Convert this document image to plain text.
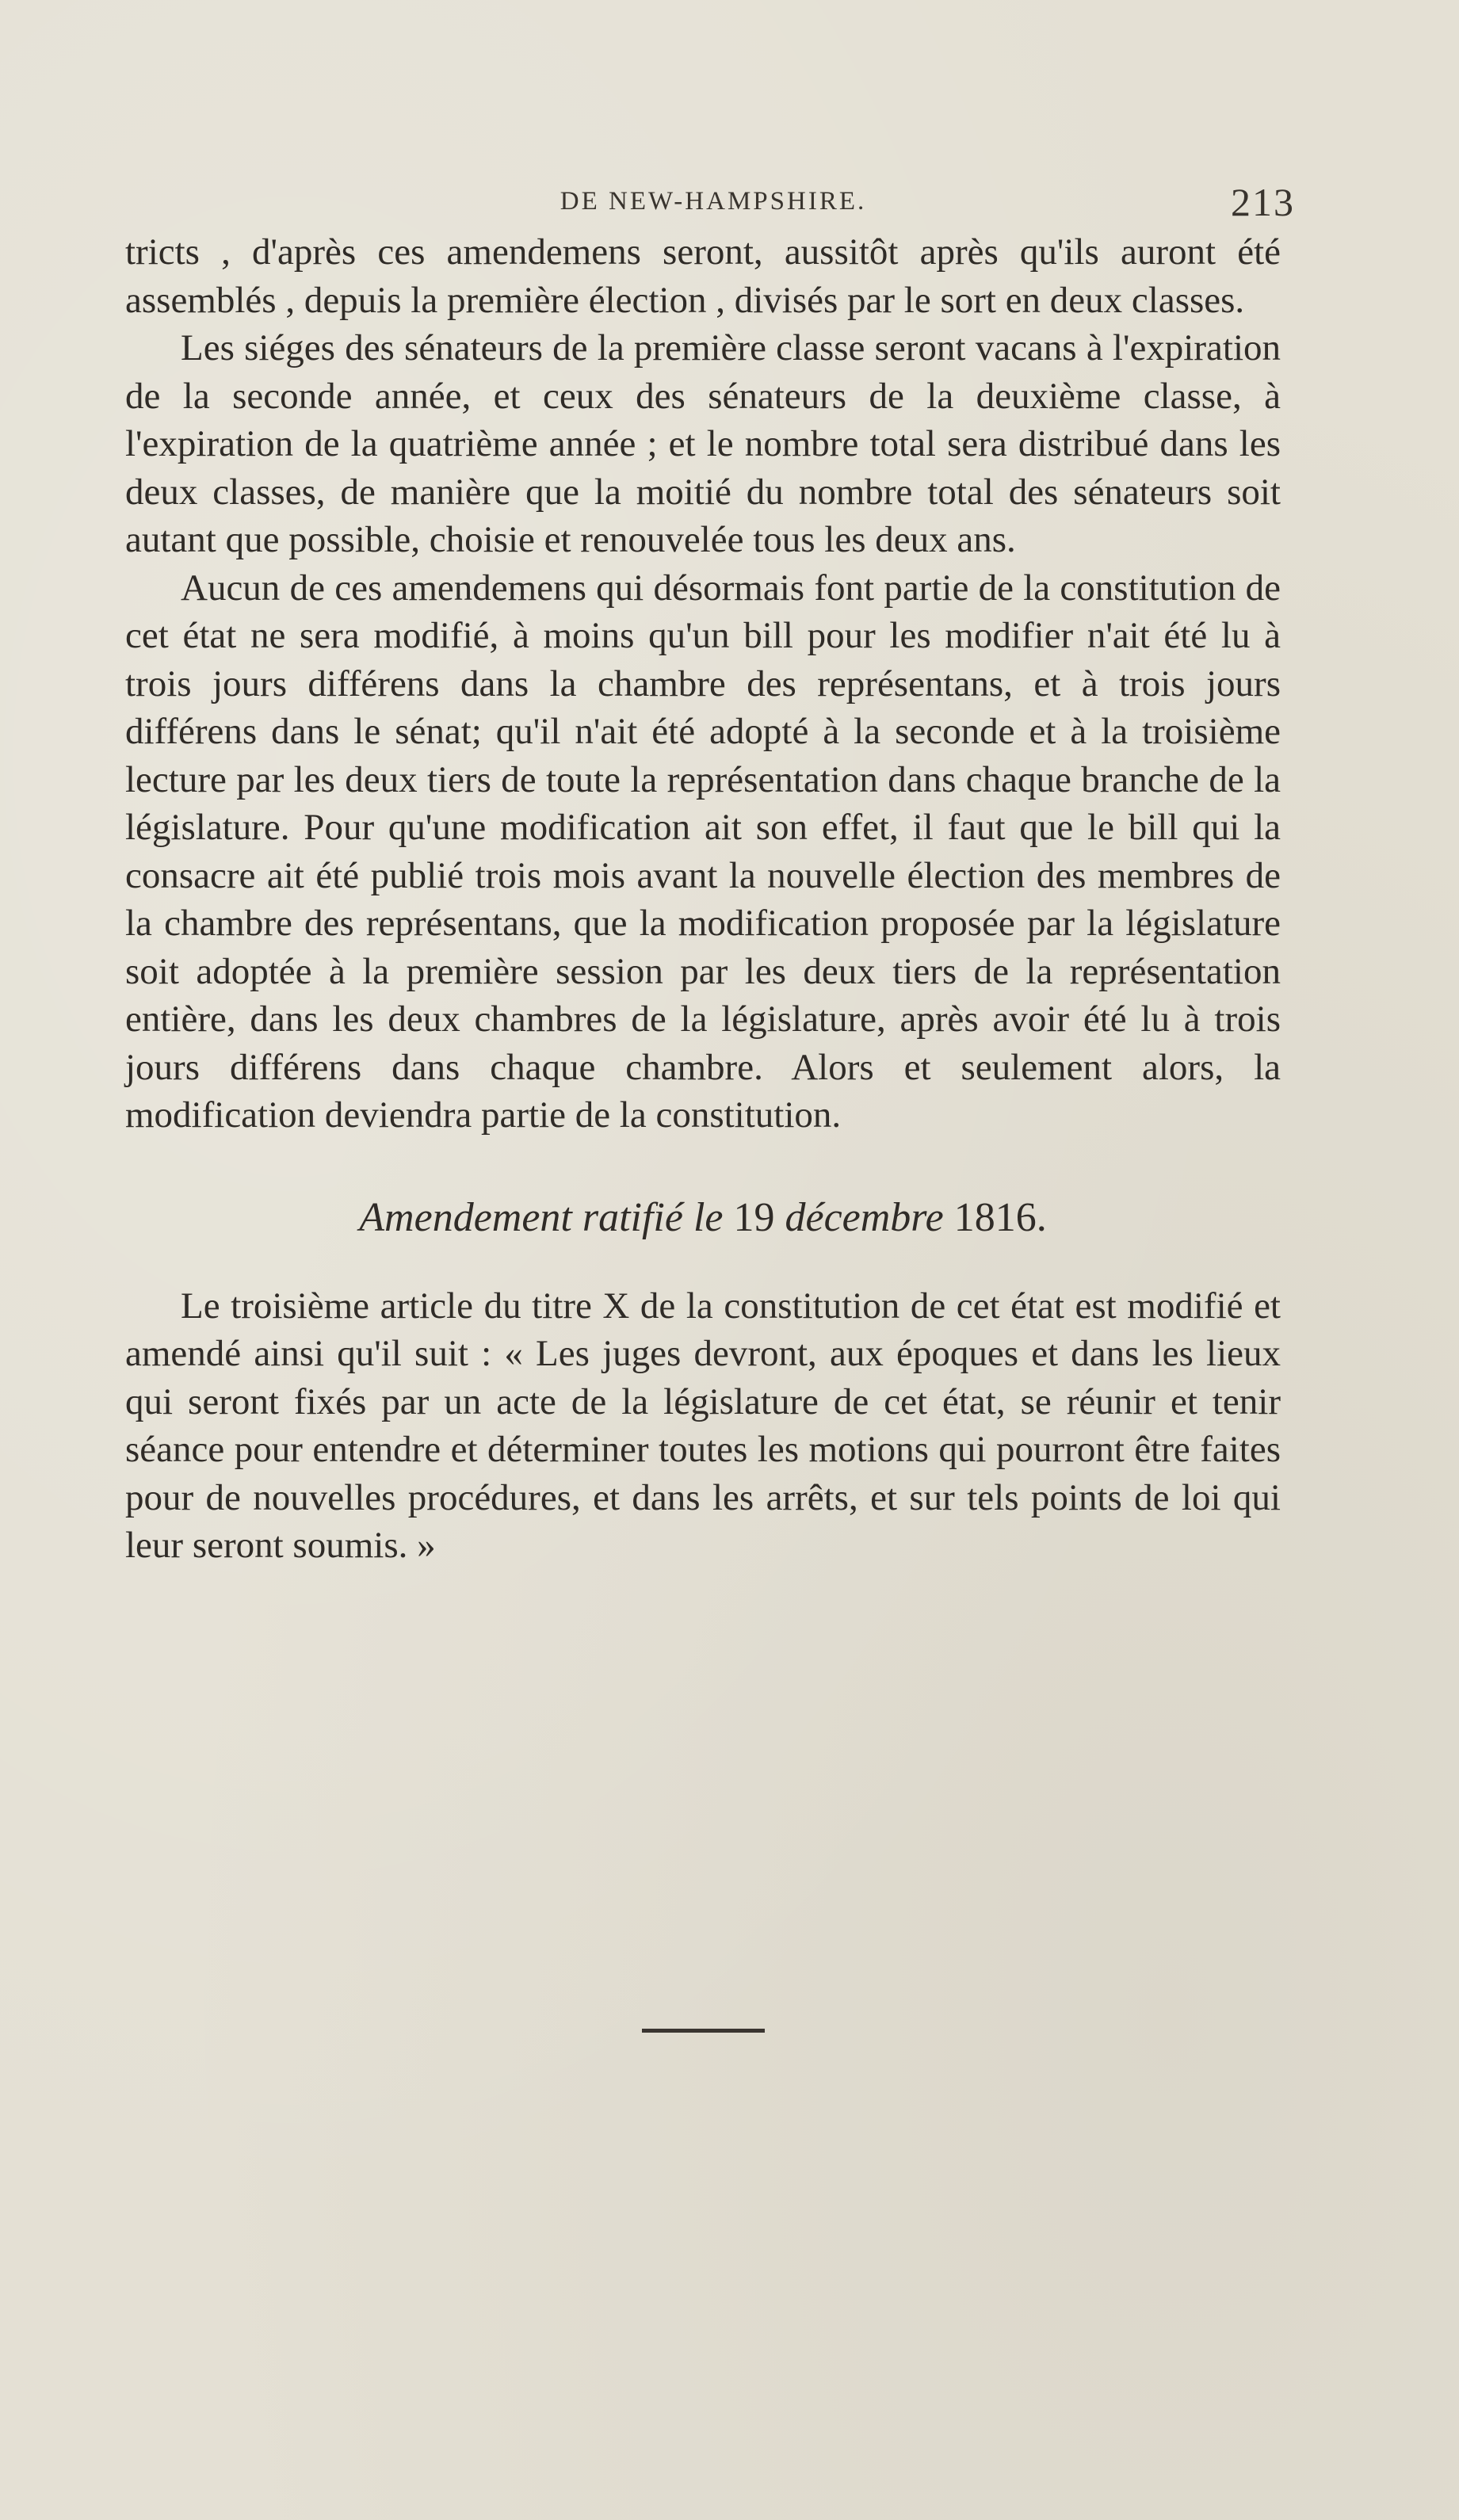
DE NEW-HAMPSHIRE.	213

tricts , d'après ces amendemens seront, aussitôt après qu'ils auront été assemblés , depuis la première élection , divisés par le sort en deux classes.

Les siéges des sénateurs de la première classe seront vacans à l'expiration de la seconde année, et ceux des sénateurs de la deuxième classe, à l'expiration de la quatrième année ; et le nombre total sera distribué dans les deux classes, de manière que la moitié du nombre total des sénateurs soit autant que possible, choisie et renouvelée tous les deux ans.

Aucun de ces amendemens qui désormais font partie de la constitution de cet état ne sera modifié, à moins qu'un bill pour les modifier n'ait été lu à trois jours différens dans la chambre des représentans, et à trois jours différens dans le sénat; qu'il n'ait été adopté à la seconde et à la troisième lecture par les deux tiers de toute la représentation dans chaque branche de la législature. Pour qu'une modification ait son effet, il faut que le bill qui la consacre ait été publié trois mois avant la nouvelle élection des membres de la chambre des représentans, que la modification proposée par la législature soit adoptée à la première session par les deux tiers de la représentation entière, dans les deux chambres de la législature, après avoir été lu à trois jours différens dans chaque chambre. Alors et seulement alors, la modification deviendra partie de la constitution.

Amendement ratifié le 19 décembre 1816.

Le troisième article du titre X de la constitution de cet état est modifié et amendé ainsi qu'il suit : « Les juges devront, aux époques et dans les lieux qui seront fixés par un acte de la législature de cet état, se réunir et tenir séance pour entendre et déterminer toutes les motions qui pourront être faites pour de nouvelles procédures, et dans les arrêts, et sur tels points de loi qui leur seront soumis. »
